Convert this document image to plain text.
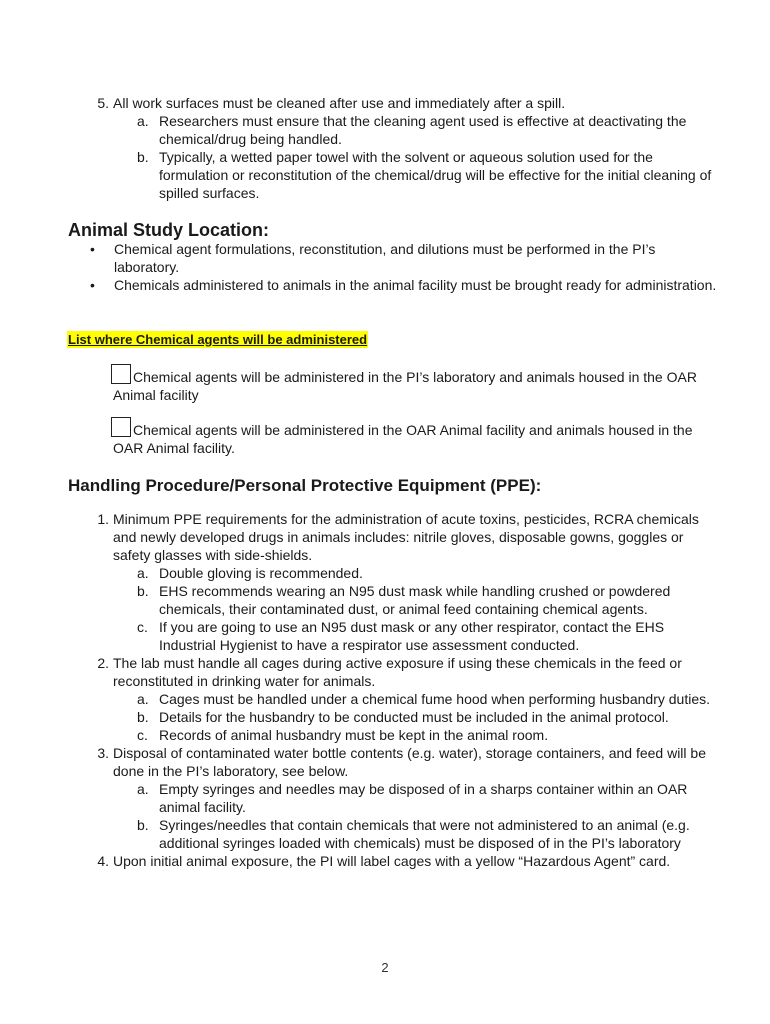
5. All work surfaces must be cleaned after use and immediately after a spill.
a. Researchers must ensure that the cleaning agent used is effective at deactivating the chemical/drug being handled.
b. Typically, a wetted paper towel with the solvent or aqueous solution used for the formulation or reconstitution of the chemical/drug will be effective for the initial cleaning of spilled surfaces.
Animal Study Location:
• Chemical agent formulations, reconstitution, and dilutions must be performed in the PI’s laboratory.
• Chemicals administered to animals in the animal facility must be brought ready for administration.
List where Chemical agents will be administered
Chemical agents will be administered in the PI’s laboratory and animals housed in the OAR Animal facility
Chemical agents will be administered in the OAR Animal facility and animals housed in the OAR Animal facility.
Handling Procedure/Personal Protective Equipment (PPE):
1. Minimum PPE requirements for the administration of acute toxins, pesticides, RCRA chemicals and newly developed drugs in animals includes: nitrile gloves, disposable gowns, goggles or safety glasses with side-shields.
a. Double gloving is recommended.
b. EHS recommends wearing an N95 dust mask while handling crushed or powdered chemicals, their contaminated dust, or animal feed containing chemical agents.
c. If you are going to use an N95 dust mask or any other respirator, contact the EHS Industrial Hygienist to have a respirator use assessment conducted.
2. The lab must handle all cages during active exposure if using these chemicals in the feed or reconstituted in drinking water for animals.
a. Cages must be handled under a chemical fume hood when performing husbandry duties.
b. Details for the husbandry to be conducted must be included in the animal protocol.
c. Records of animal husbandry must be kept in the animal room.
3. Disposal of contaminated water bottle contents (e.g. water), storage containers, and feed will be done in the PI’s laboratory, see below.
a. Empty syringes and needles may be disposed of in a sharps container within an OAR animal facility.
b. Syringes/needles that contain chemicals that were not administered to an animal (e.g. additional syringes loaded with chemicals) must be disposed of in the PI’s laboratory
4. Upon initial animal exposure, the PI will label cages with a yellow “Hazardous Agent” card.
2
